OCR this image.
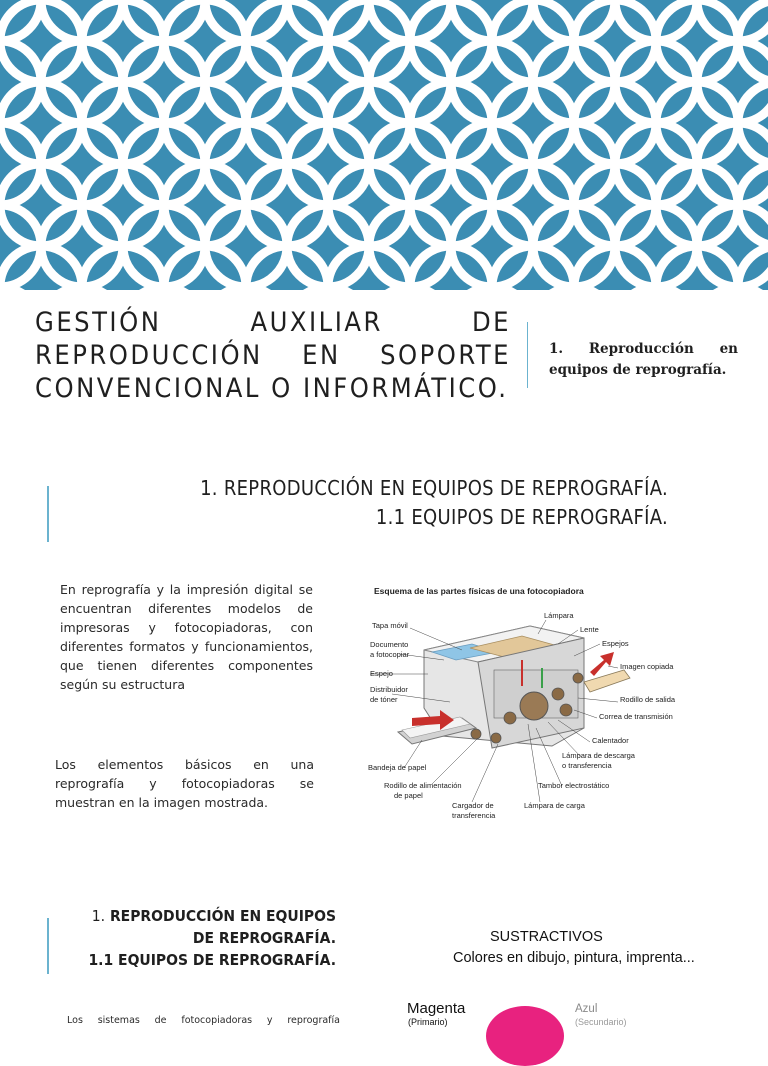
GESTIÓN AUXILIAR DE REPRODUCCIÓN EN SOPORTE CONVENCIONAL O INFORMÁTICO.
1. Reproducción en equipos de reprografía.
1. REPRODUCCIÓN EN EQUIPOS DE REPROGRAFÍA.
1.1 EQUIPOS DE REPROGRAFÍA.
En reprografía y la impresión digital se encuentran diferentes modelos de impresoras y fotocopiadoras, con diferentes formatos y funcionamientos, que tienen diferentes componentes según su estructura
Los elementos básicos en una reprografía y fotocopiadoras se muestran en la imagen mostrada.
Esquema de las partes físicas de una fotocopiadora
Lámpara
Tapa móvil	Lente
Documento
a fotocopiar
Espejos
Imagen copiada
Espejo
Distribuidor
de tóner	Rodillo de salida
Correa de transmisión
Calentador
Lámpara de descarga
o transferencia
Bandeja de papel
Tambor electrostático
Rodillo de alimentación
de papel
Cargador de
transferencia
Lámpara de carga
1. REPRODUCCIÓN EN EQUIPOS
DE REPROGRAFÍA.
1.1 EQUIPOS DE REPROGRAFÍA.
Los sistemas de fotocopiadoras y reprografía
SUSTRACTIVOS
Colores en dibujo, pintura, imprenta...
Magenta
(Primario)
Azul
(Secundario)
